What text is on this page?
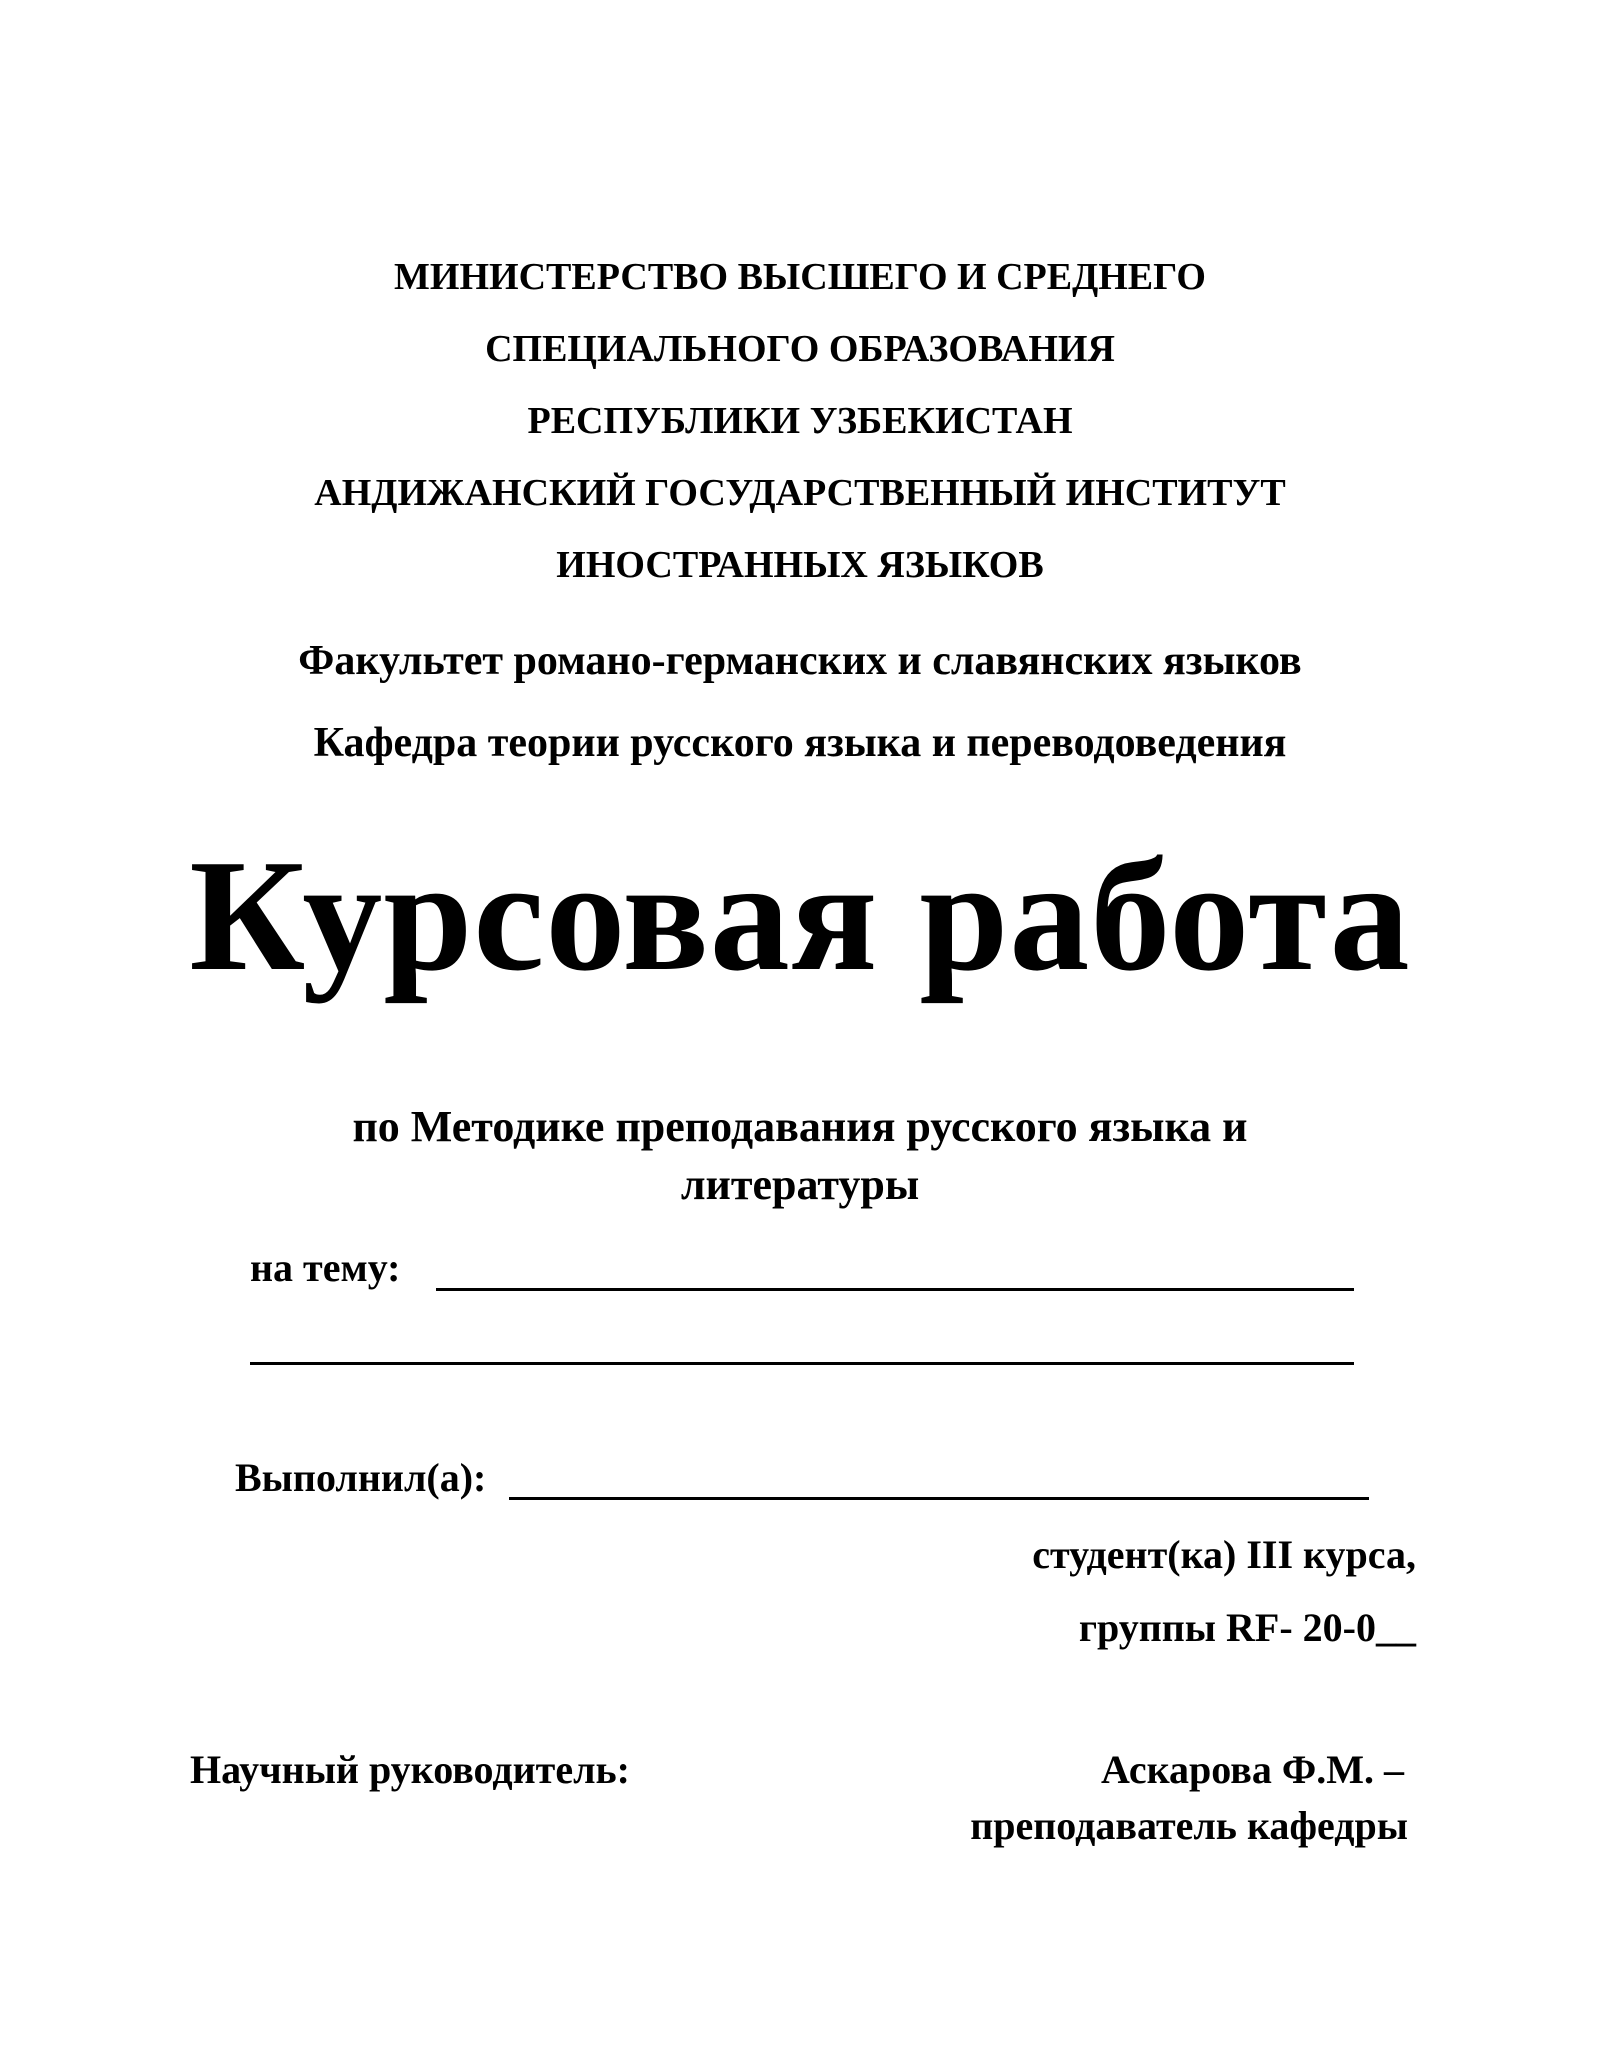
МИНИСТЕРСТВО ВЫСШЕГО И СРЕДНЕГО
СПЕЦИАЛЬНОГО ОБРАЗОВАНИЯ
РЕСПУБЛИКИ УЗБЕКИСТАН
АНДИЖАНСКИЙ ГОСУДАРСТВЕННЫЙ ИНСТИТУТ
ИНОСТРАННЫХ ЯЗЫКОВ
Факультет романо-германских и славянских языков
Кафедра теории русского языка и переводоведения
Курсовая работа
по Методике преподавания русского языка и
литературы
на тему:
Выполнил(а):
студент(ка) III курса,
группы RF- 20-0__
Научный руководитель:	Аскарова Ф.М. –
преподаватель кафедры
